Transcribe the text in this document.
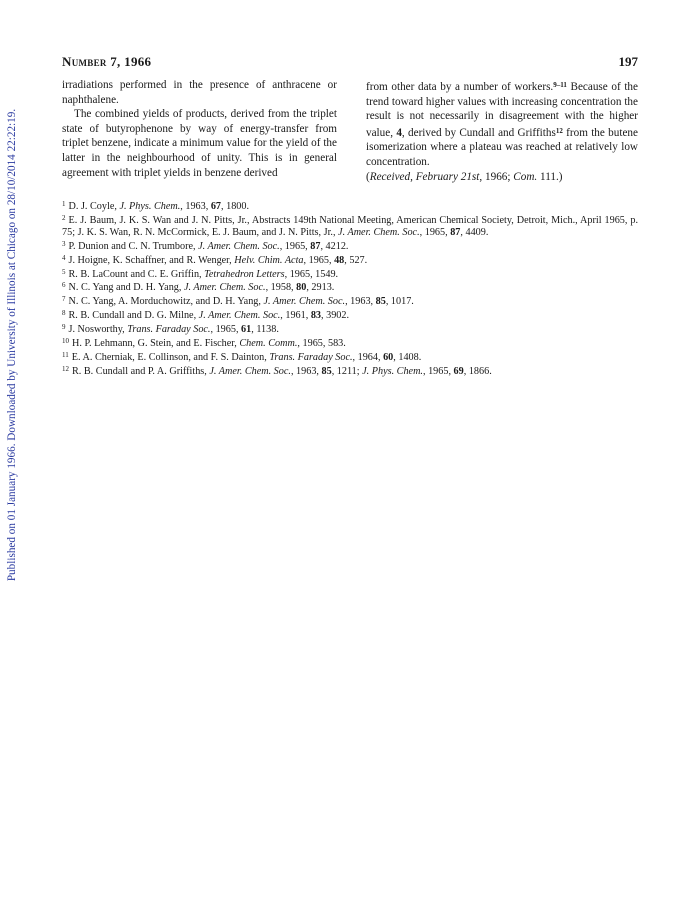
Published on 01 January 1966. Downloaded by University of Illinois at Chicago on 28/10/2014 22:22:19.
Number 7, 1966	197

irradiations performed in the presence of anthracene or naphthalene.

The combined yields of products, derived from the triplet state of butyrophenone by way of energy-transfer from triplet benzene, indicate a minimum value for the yield of the latter in the neighbourhood of unity. This is in general agreement with triplet yields in benzene derived

from other data by a number of workers.$^{9-11}$ Because of the trend toward higher values with increasing concentration the result is not necessarily in disagreement with the higher value, 4, derived by Cundall and Griffiths$^{12}$ from the butene isomerization where a plateau was reached at relatively low concentration.

(Received, February 21st, 1966; Com. 111.)

$^1$ D. J. Coyle, J. Phys. Chem., 1963, 67, 1800.

$^2$ E. J. Baum, J. K. S. Wan and J. N. Pitts, Jr., Abstracts 149th National Meeting, American Chemical Society, Detroit, Mich., April 1965, p. 75; J. K. S. Wan, R. N. McCormick, E. J. Baum, and J. N. Pitts, Jr., J. Amer. Chem. Soc., 1965, 87, 4409.

$^3$ P. Dunion and C. N. Trumbore, J. Amer. Chem. Soc., 1965, 87, 4212.

$^4$ J. Hoigne, K. Schaffner, and R. Wenger, Helv. Chim. Acta, 1965, 48, 527.

$^5$ R. B. LaCount and C. E. Griffin, Tetrahedron Letters, 1965, 1549.

$^6$ N. C. Yang and D. H. Yang, J. Amer. Chem. Soc., 1958, 80, 2913.

$^7$ N. C. Yang, A. Morduchowitz, and D. H. Yang, J. Amer. Chem. Soc., 1963, 85, 1017.

$^8$ R. B. Cundall and D. G. Milne, J. Amer. Chem. Soc., 1961, 83, 3902.

$^9$ J. Nosworthy, Trans. Faraday Soc., 1965, 61, 1138.

$^{10}$ H. P. Lehmann, G. Stein, and E. Fischer, Chem. Comm., 1965, 583.

$^{11}$ E. A. Cherniak, E. Collinson, and F. S. Dainton, Trans. Faraday Soc., 1964, 60, 1408.

$^{12}$ R. B. Cundall and P. A. Griffiths, J. Amer. Chem. Soc., 1963, 85, 1211; J. Phys. Chem., 1965, 69, 1866.
